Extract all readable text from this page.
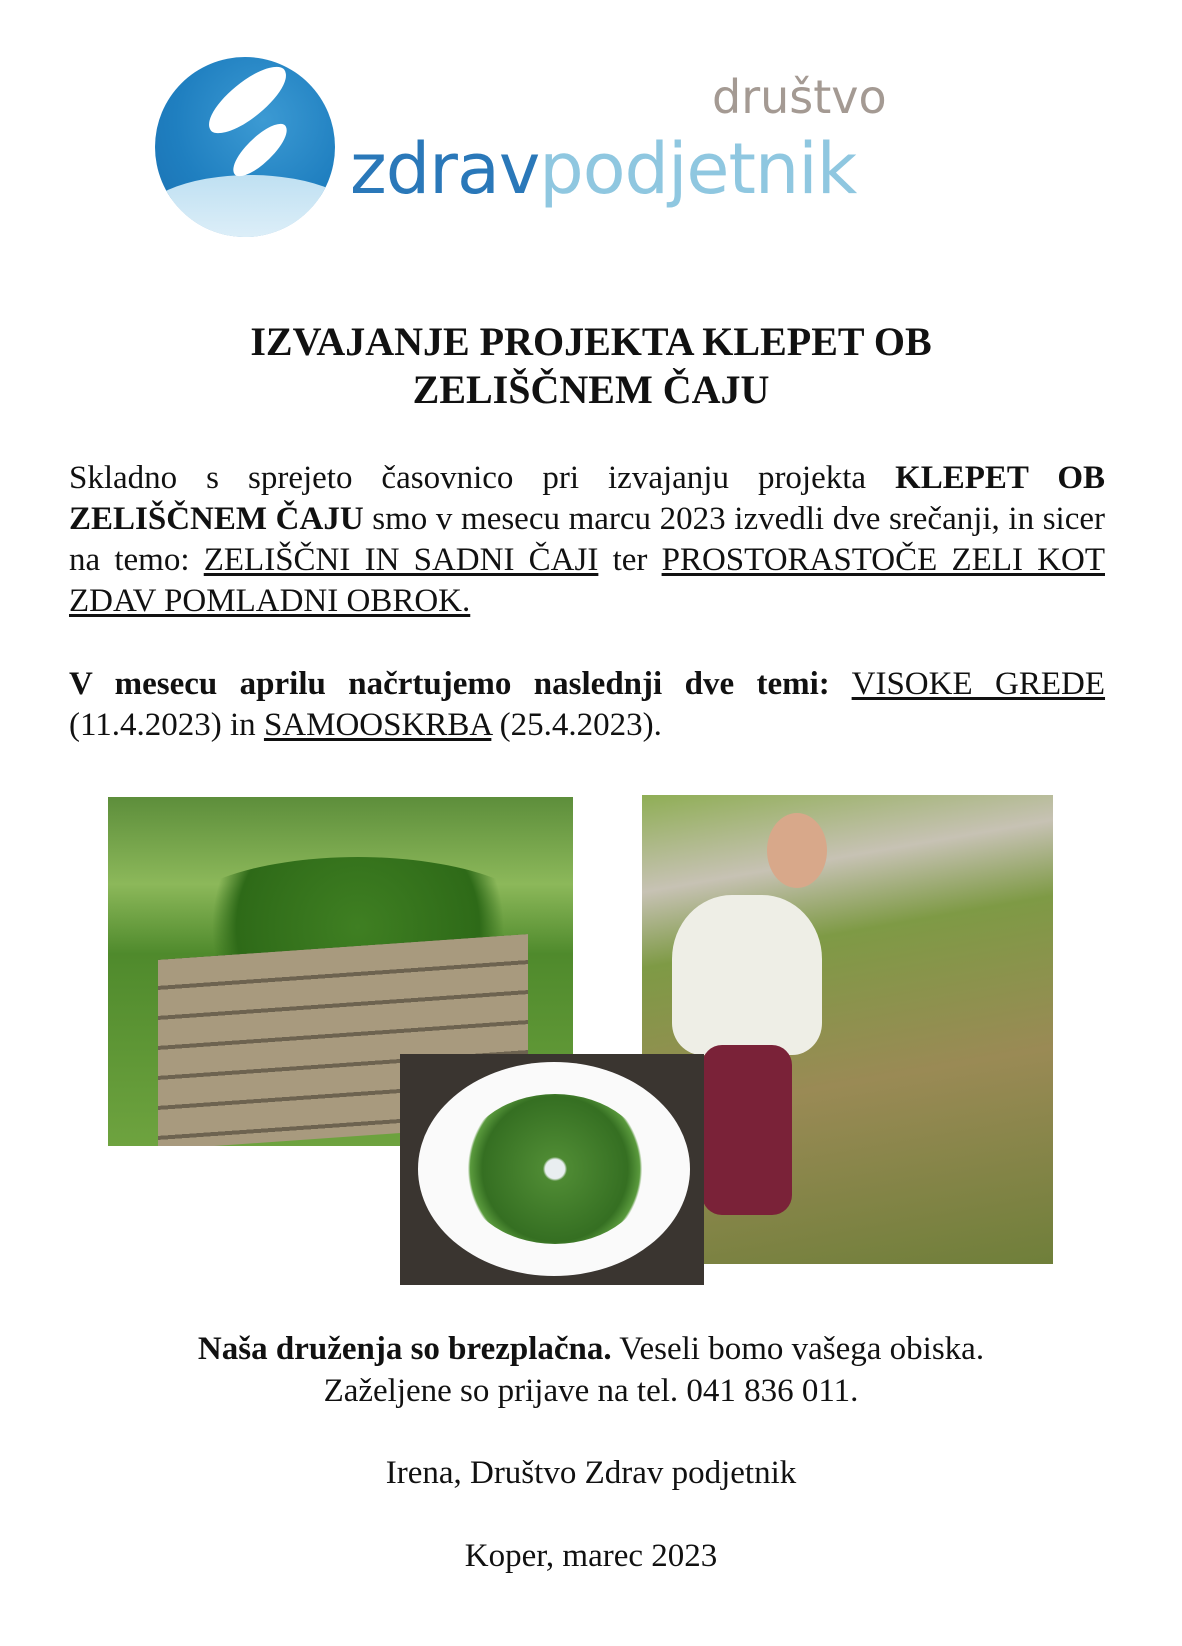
društvo
zdravpodjetnik
IZVAJANJE PROJEKTA KLEPET OB
ZELIŠČNEM ČAJU
Skladno s sprejeto časovnico pri izvajanju projekta KLEPET OB ZELIŠČNEM ČAJU smo v mesecu marcu 2023 izvedli dve srečanji, in sicer na temo: ZELIŠČNI IN SADNI ČAJI ter PROSTORASTOČE ZELI KOT ZDAV POMLADNI OBROK.
V mesecu aprilu načrtujemo naslednji dve temi: VISOKE GREDE (11.4.2023) in SAMOOSKRBA (25.4.2023).
Naša druženja so brezplačna. Veseli bomo vašega obiska.
Zaželjene so prijave na tel. 041 836 011.
Irena, Društvo Zdrav podjetnik
Koper, marec 2023
